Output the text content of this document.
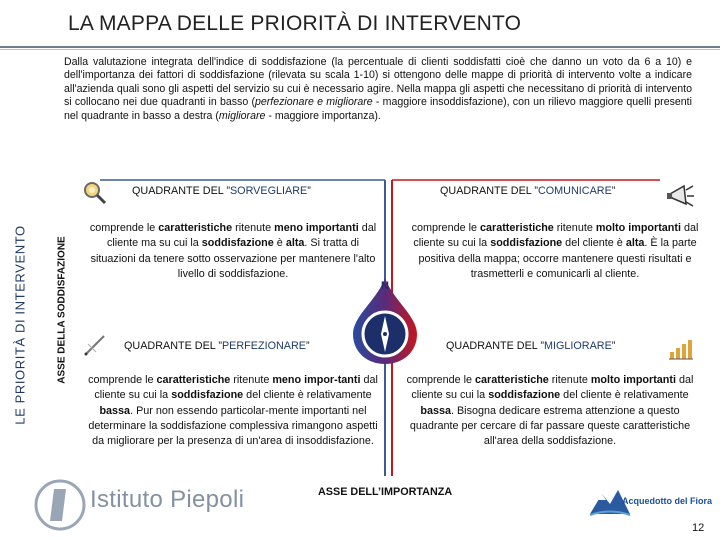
LA MAPPA DELLE PRIORITÀ DI INTERVENTO
Dalla valutazione integrata dell'indice di soddisfazione (la percentuale di clienti soddisfatti cioè che danno un voto da 6 a 10) e dell'importanza dei fattori di soddisfazione (rilevata su scala 1-10) si ottengono delle mappe di priorità di intervento volte a indicare all'azienda quali sono gli aspetti del servizio su cui è necessario agire. Nella mappa gli aspetti che necessitano di priorità di intervento si collocano nei due quadranti in basso (perfezionare e migliorare - maggiore insoddisfazione), con un rilievo maggiore quelli presenti nel quadrante in basso a destra (migliorare - maggiore importanza).
LE PRIORITÀ DI INTERVENTO	ASSE DELLA SODDISFAZIONE
QUADRANTE DEL ”SORVEGLIARE”	QUADRANTE DEL ”COMUNICARE”
QUADRANTE DEL ”PERFEZIONARE”	QUADRANTE DEL ”MIGLIORARE”
comprende le caratteristiche ritenute meno importanti dal cliente ma su cui la soddisfazione è alta. Si tratta di situazioni da tenere sotto osservazione per mantenere l'alto livello di soddisfazione.
comprende le caratteristiche ritenute molto importanti dal cliente su cui la soddisfazione del cliente è alta. È la parte positiva della mappa; occorre mantenere questi risultati e trasmetterli e comunicarli al cliente.
comprende le caratteristiche ritenute meno impor-tanti dal cliente su cui la soddisfazione del cliente è relativamente bassa. Pur non essendo particolar-mente importanti nel determinare la soddisfazione complessiva rimangono aspetti da migliorare per la presenza di un'area di insoddisfazione.
comprende le caratteristiche ritenute molto importanti dal cliente su cui la soddisfazione del cliente è relativamente bassa. Bisogna dedicare estrema attenzione a questo quadrante per cercare di far passare queste caratteristiche all'area della soddisfazione.
N
ASSE DELL’IMPORTANZA
Istituto Piepoli	Acquedotto del Fiora
12
